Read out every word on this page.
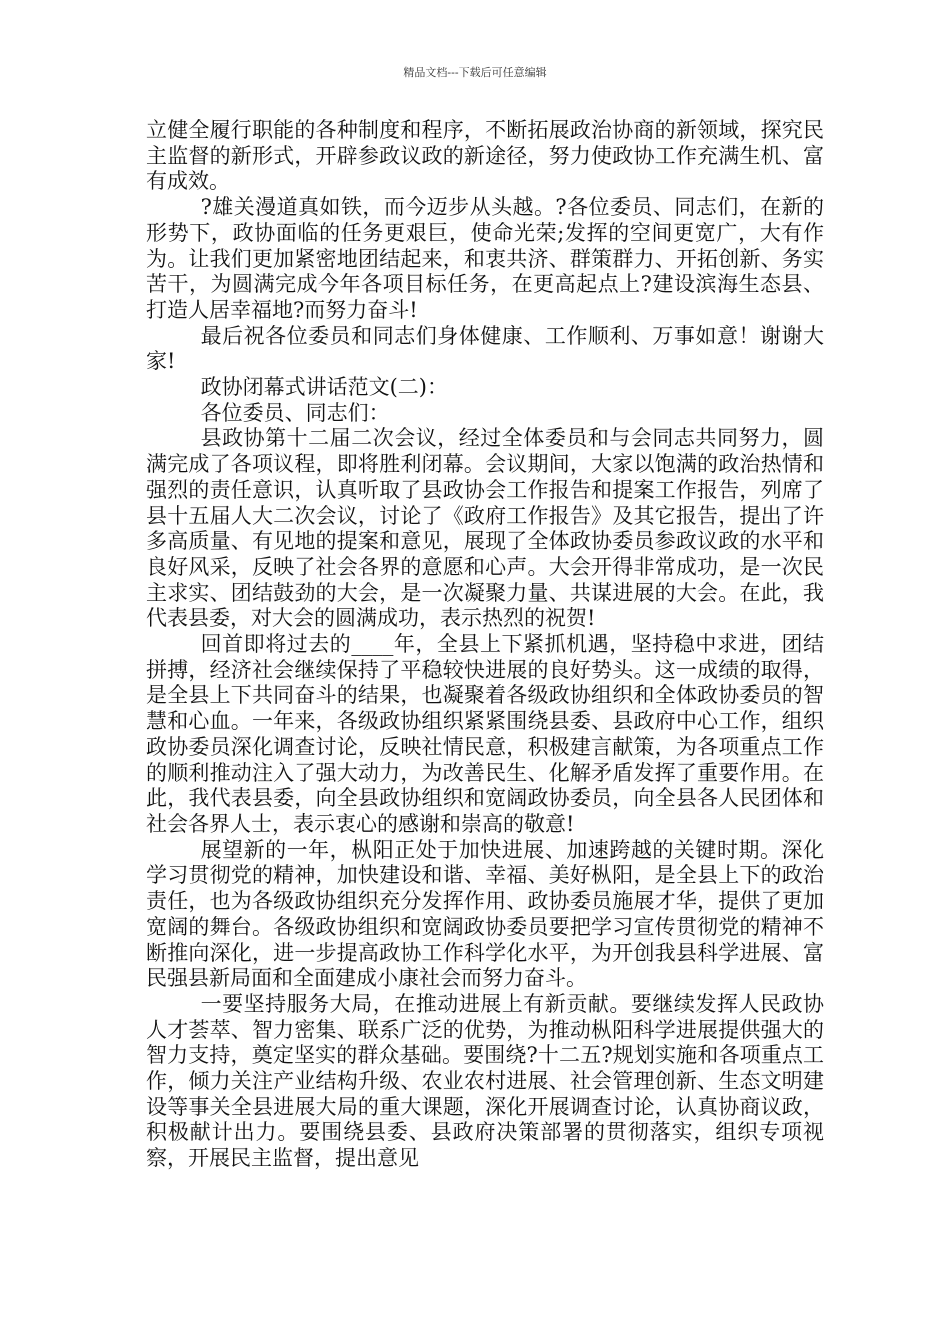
精品文档---下载后可任意编辑

立健全履行职能的各种制度和程序，不断拓展政治协商的新领域，探究民主监督的新形式，开辟参政议政的新途径，努力使政协工作充满生机、富有成效。

?雄关漫道真如铁，而今迈步从头越。?各位委员、同志们，在新的形势下，政协面临的任务更艰巨，使命光荣;发挥的空间更宽广，大有作为。让我们更加紧密地团结起来，和衷共济、群策群力、开拓创新、务实苦干，为圆满完成今年各项目标任务，在更高起点上?建设滨海生态县、打造人居幸福地?而努力奋斗!

最后祝各位委员和同志们身体健康、工作顺利、万事如意！谢谢大家!

政协闭幕式讲话范文(二)：

各位委员、同志们：

县政协第十二届二次会议，经过全体委员和与会同志共同努力，圆满完成了各项议程，即将胜利闭幕。会议期间，大家以饱满的政治热情和强烈的责任意识，认真听取了县政协会工作报告和提案工作报告，列席了县十五届人大二次会议，讨论了《政府工作报告》及其它报告，提出了许多高质量、有见地的提案和意见，展现了全体政协委员参政议政的水平和良好风采，反映了社会各界的意愿和心声。大会开得非常成功，是一次民主求实、团结鼓劲的大会，是一次凝聚力量、共谋进展的大会。在此，我代表县委，对大会的圆满成功，表示热烈的祝贺!

回首即将过去的____年，全县上下紧抓机遇，坚持稳中求进，团结拼搏，经济社会继续保持了平稳较快进展的良好势头。这一成绩的取得，是全县上下共同奋斗的结果，也凝聚着各级政协组织和全体政协委员的智慧和心血。一年来，各级政协组织紧紧围绕县委、县政府中心工作，组织政协委员深化调查讨论，反映社情民意，积极建言献策，为各项重点工作的顺利推动注入了强大动力，为改善民生、化解矛盾发挥了重要作用。在此，我代表县委，向全县政协组织和宽阔政协委员，向全县各人民团体和社会各界人士，表示衷心的感谢和崇高的敬意!

展望新的一年，枞阳正处于加快进展、加速跨越的关键时期。深化学习贯彻党的精神，加快建设和谐、幸福、美好枞阳，是全县上下的政治责任，也为各级政协组织充分发挥作用、政协委员施展才华，提供了更加宽阔的舞台。各级政协组织和宽阔政协委员要把学习宣传贯彻党的精神不断推向深化，进一步提高政协工作科学化水平，为开创我县科学进展、富民强县新局面和全面建成小康社会而努力奋斗。

一要坚持服务大局，在推动进展上有新贡献。要继续发挥人民政协人才荟萃、智力密集、联系广泛的优势，为推动枞阳科学进展提供强大的智力支持，奠定坚实的群众基础。要围绕?十二五?规划实施和各项重点工作，倾力关注产业结构升级、农业农村进展、社会管理创新、生态文明建设等事关全县进展大局的重大课题，深化开展调查讨论，认真协商议政，积极献计出力。要围绕县委、县政府决策部署的贯彻落实，组织专项视察，开展民主监督，提出意见
